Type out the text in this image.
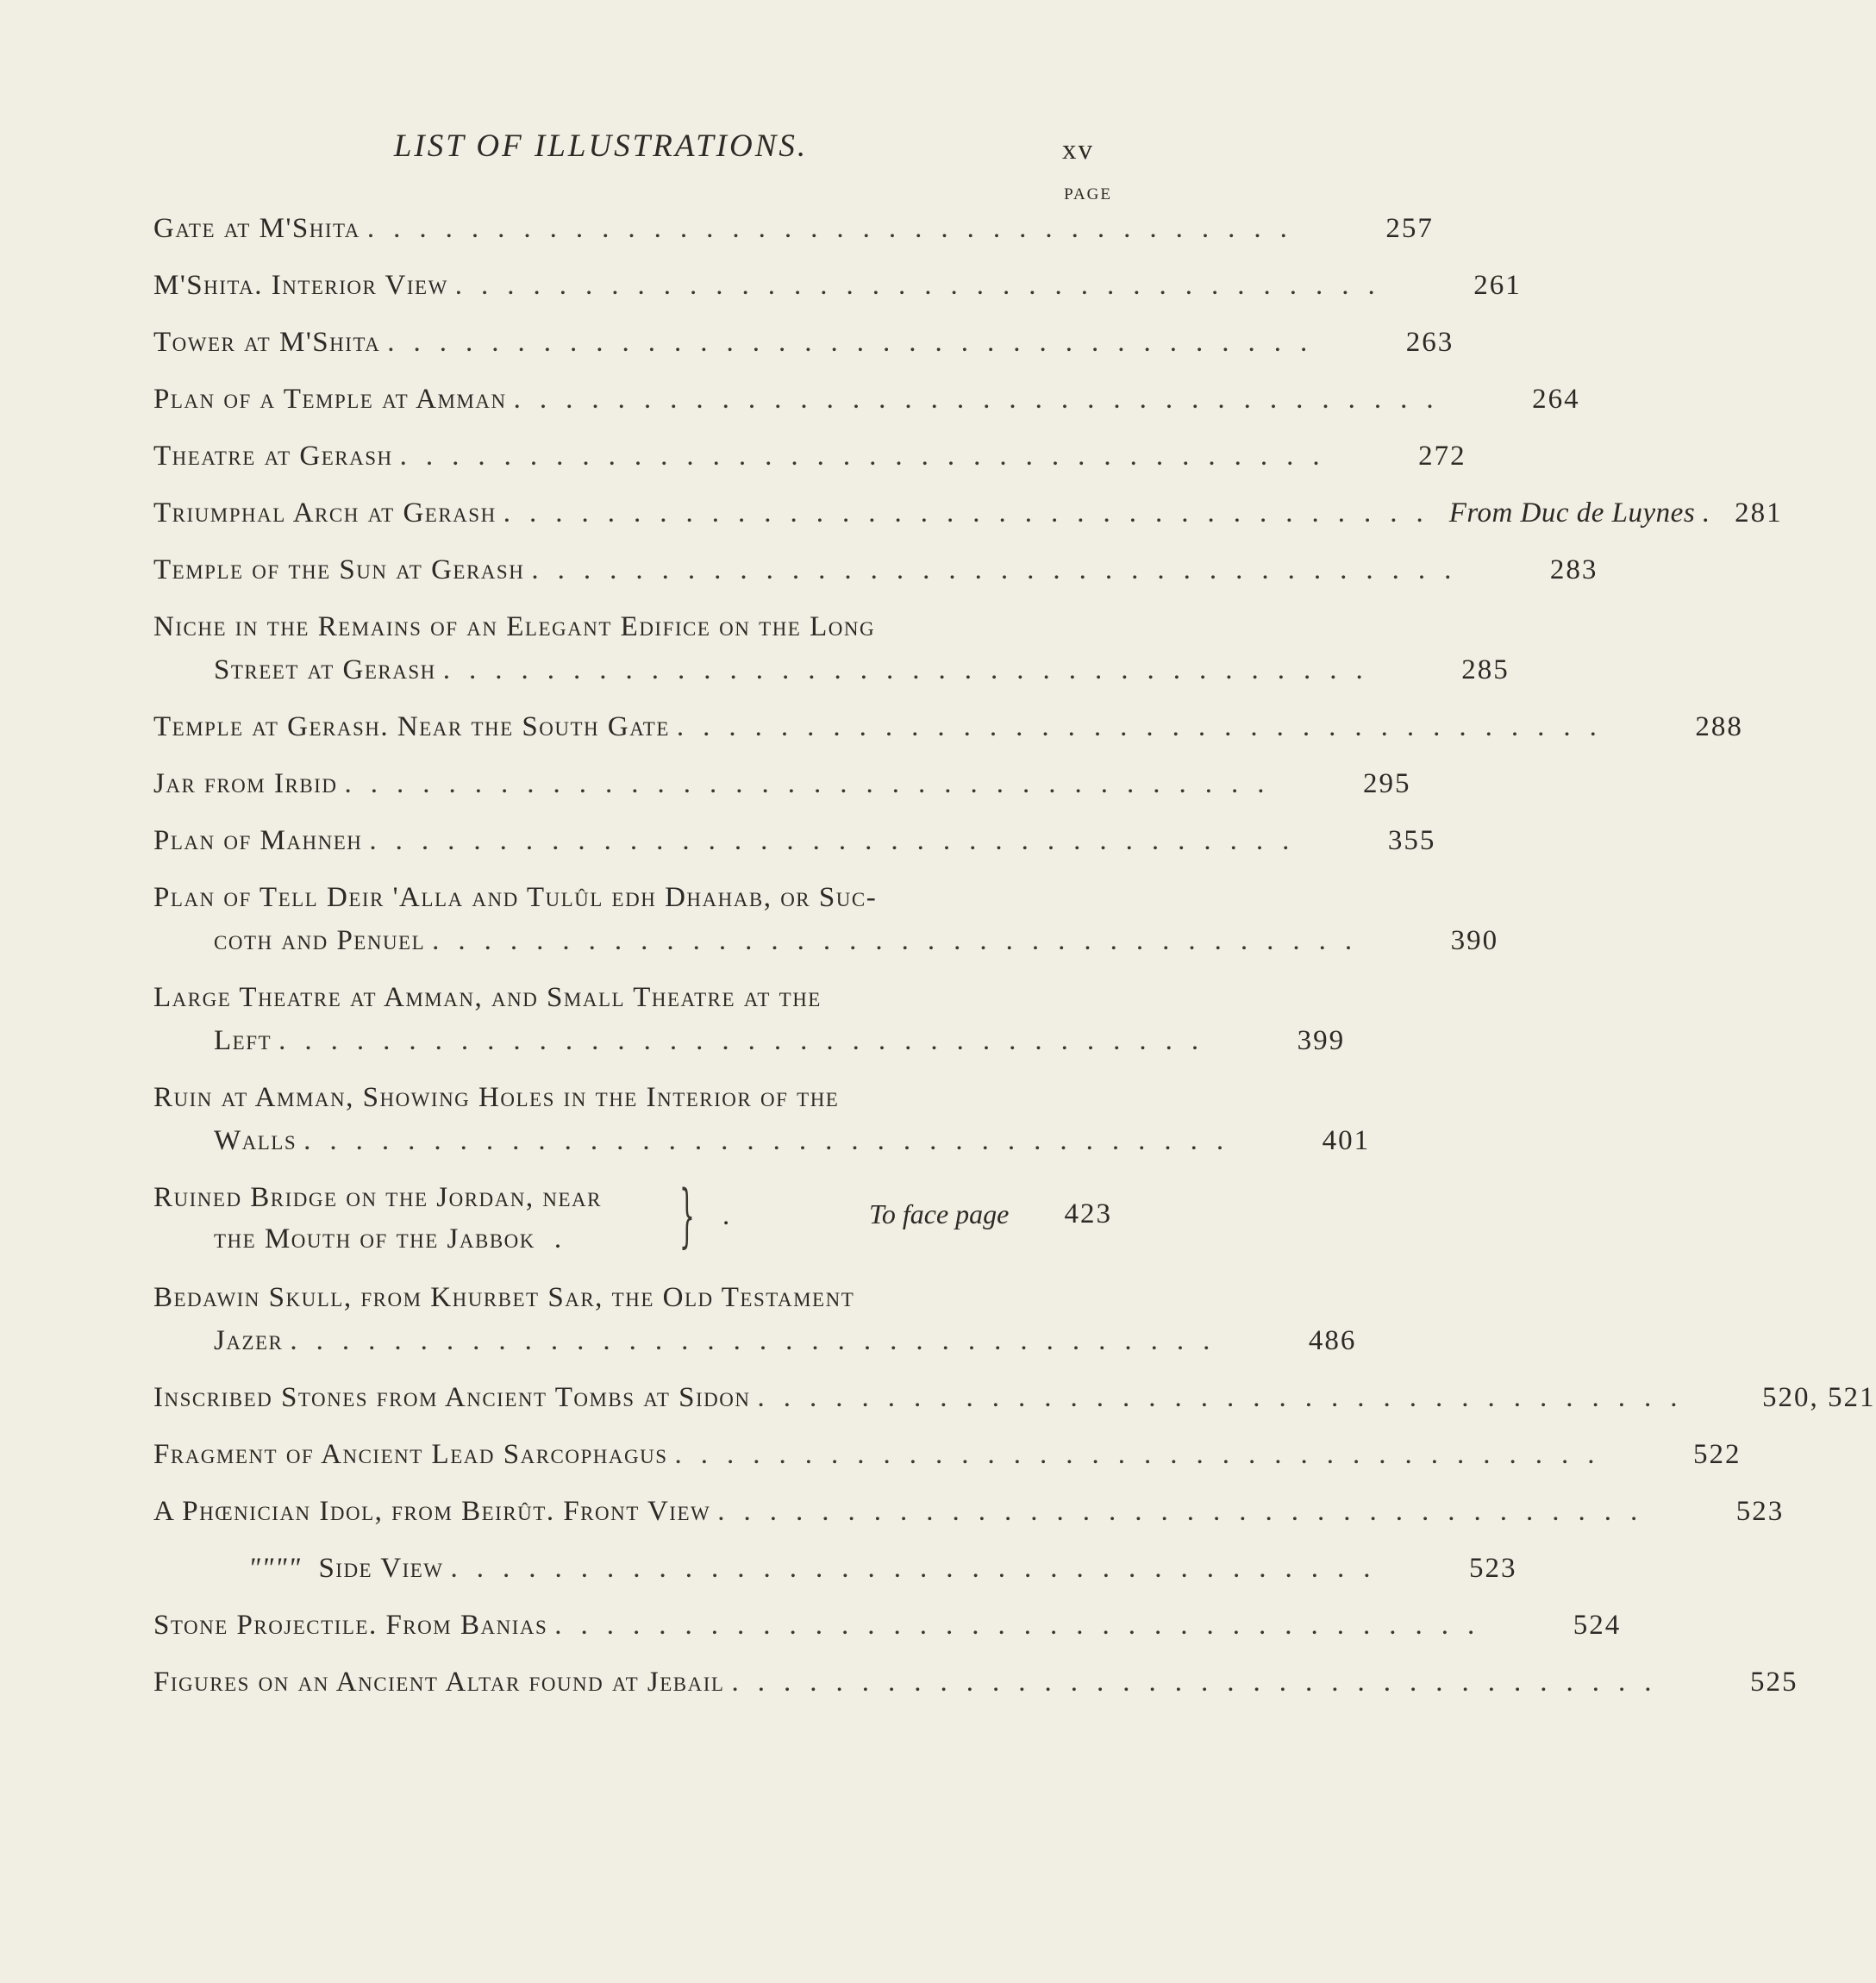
LIST OF ILLUSTRATIONS.	xv
PAGE
Gate at M'Shita ....................................	257
M'Shita. Interior View ....................................	261
Tower at M'Shita ....................................	263
Plan of a Temple at Amman ....................................	264
Theatre at Gerash ....................................	272
Triumphal Arch at Gerash .................................... From Duc de Luynes . 281
Temple of the Sun at Gerash ....................................	283
Niche in the Remains of an Elegant Edifice on the Long
Street at Gerash ....................................	285
Temple at Gerash. Near the South Gate ....................................	288
Jar from Irbid ....................................	295
Plan of Mahneh ....................................	355
Plan of Tell Deir 'Alla and Tulûl edh Dhahab, or Suc-
coth and Penuel ....................................	390
Large Theatre at Amman, and Small Theatre at the
Left ....................................	399
Ruin at Amman, Showing Holes in the Interior of the
Walls ....................................	401
Ruined Bridge on the Jordan, near
the Mouth of the Jabbok . } .	To face page 423
Bedawin Skull, from Khurbet Sar, the Old Testament
Jazer ....................................	486
Inscribed Stones from Ancient Tombs at Sidon ....................................	520, 521
Fragment of Ancient Lead Sarcophagus ....................................	522
A Phœnician Idol, from Beirût. Front View ....................................	523
" " " " Side View ....................................	523
Stone Projectile. From Banias ....................................	524
Figures on an Ancient Altar found at Jebail ....................................	525
